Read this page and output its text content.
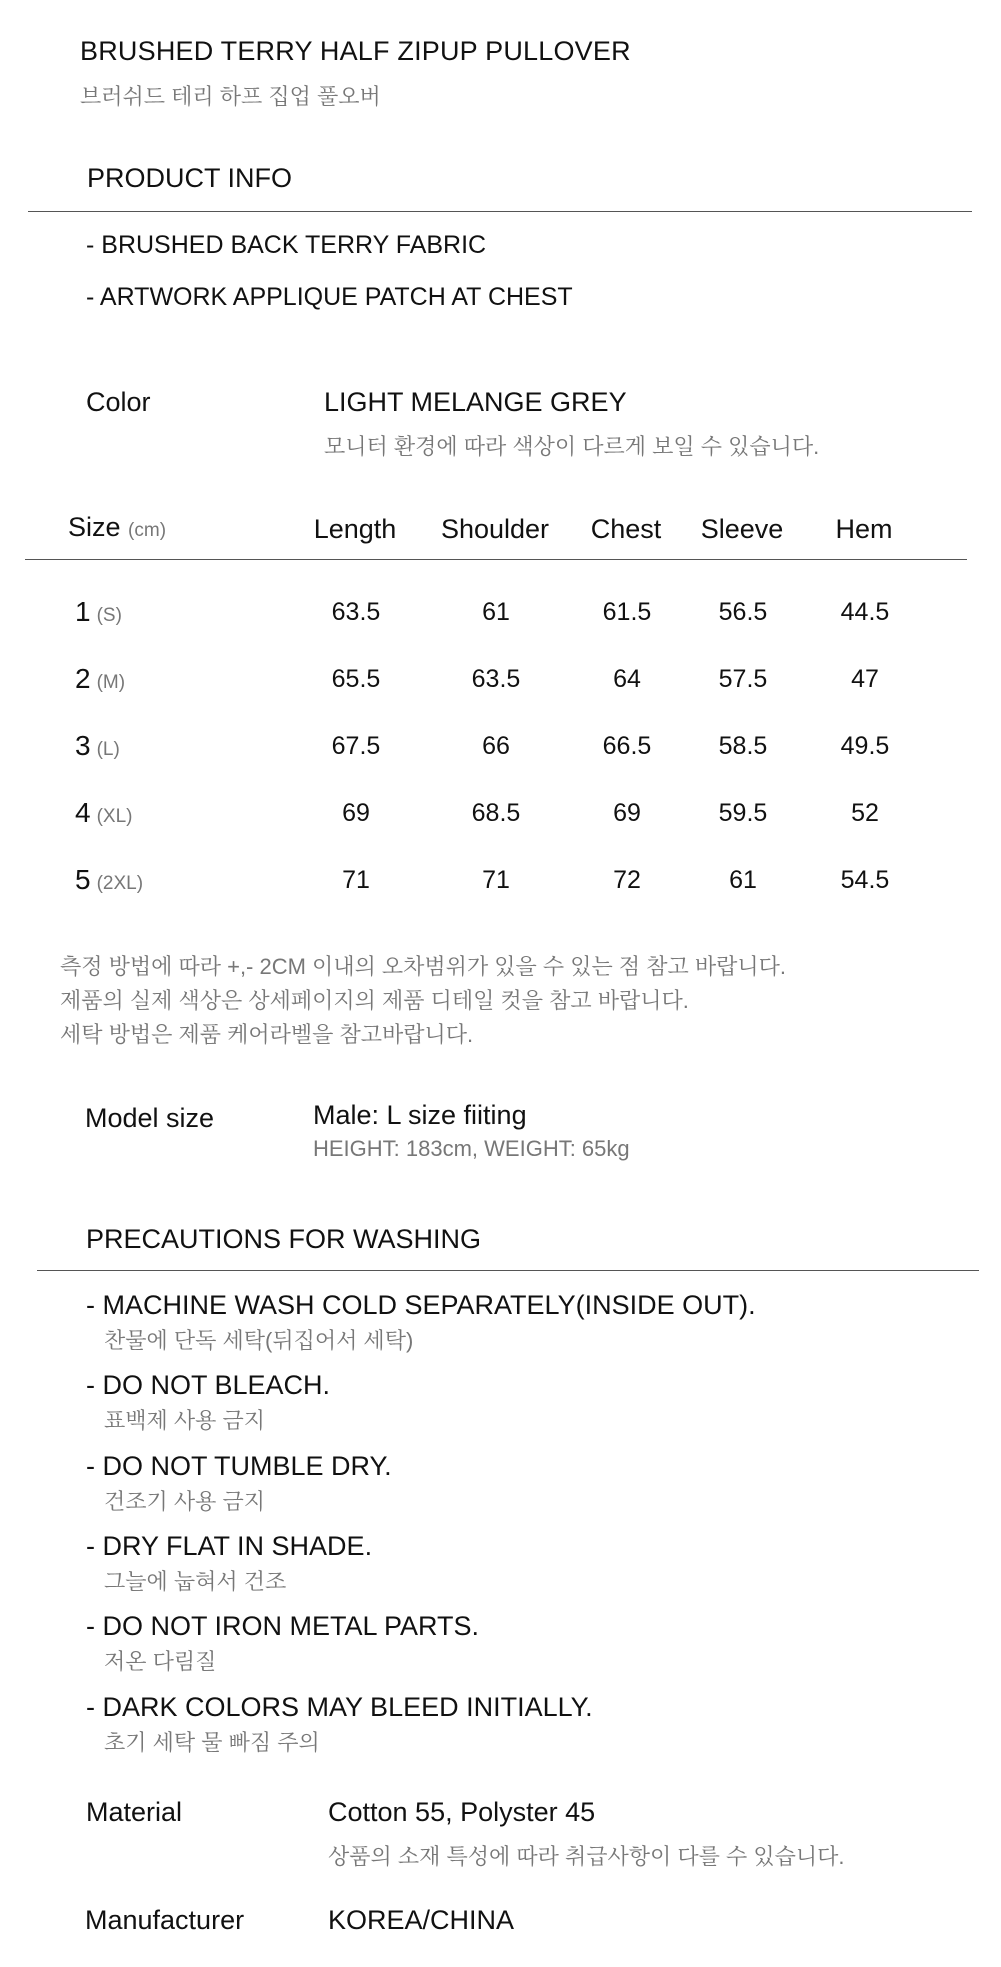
BRUSHED TERRY HALF ZIPUP PULLOVER
브러쉬드 테리 하프 집업 풀오버
PRODUCT INFO
- BRUSHED BACK TERRY FABRIC
- ARTWORK APPLIQUE PATCH AT CHEST
Color	LIGHT MELANGE GREY
모니터 환경에 따라 색상이 다르게 보일 수 있습니다.
Size (cm)	Length	Shoulder	Chest	Sleeve	Hem
1 (S)	63.5	61	61.5	56.5	44.5
2 (M)	65.5	63.5	64	57.5	47
3 (L)	67.5	66	66.5	58.5	49.5
4 (XL)	69	68.5	69	59.5	52
5 (2XL)	71	71	72	61	54.5
측정 방법에 따라 +,- 2CM 이내의 오차범위가 있을 수 있는 점 참고 바랍니다.
제품의 실제 색상은 상세페이지의 제품 디테일 컷을 참고 바랍니다.
세탁 방법은 제품 케어라벨을 참고바랍니다.
Model size	Male: L size fiiting
HEIGHT: 183cm, WEIGHT: 65kg
PRECAUTIONS FOR WASHING
- MACHINE WASH COLD SEPARATELY(INSIDE OUT).
찬물에 단독 세탁(뒤집어서 세탁)
- DO NOT BLEACH.
표백제 사용 금지
- DO NOT TUMBLE DRY.
건조기 사용 금지
- DRY FLAT IN SHADE.
그늘에 눕혀서 건조
- DO NOT IRON METAL PARTS.
저온 다림질
- DARK COLORS MAY BLEED INITIALLY.
초기 세탁 물 빠짐 주의
Material	Cotton 55, Polyster 45
상품의 소재 특성에 따라 취급사항이 다를 수 있습니다.
Manufacturer	KOREA/CHINA
